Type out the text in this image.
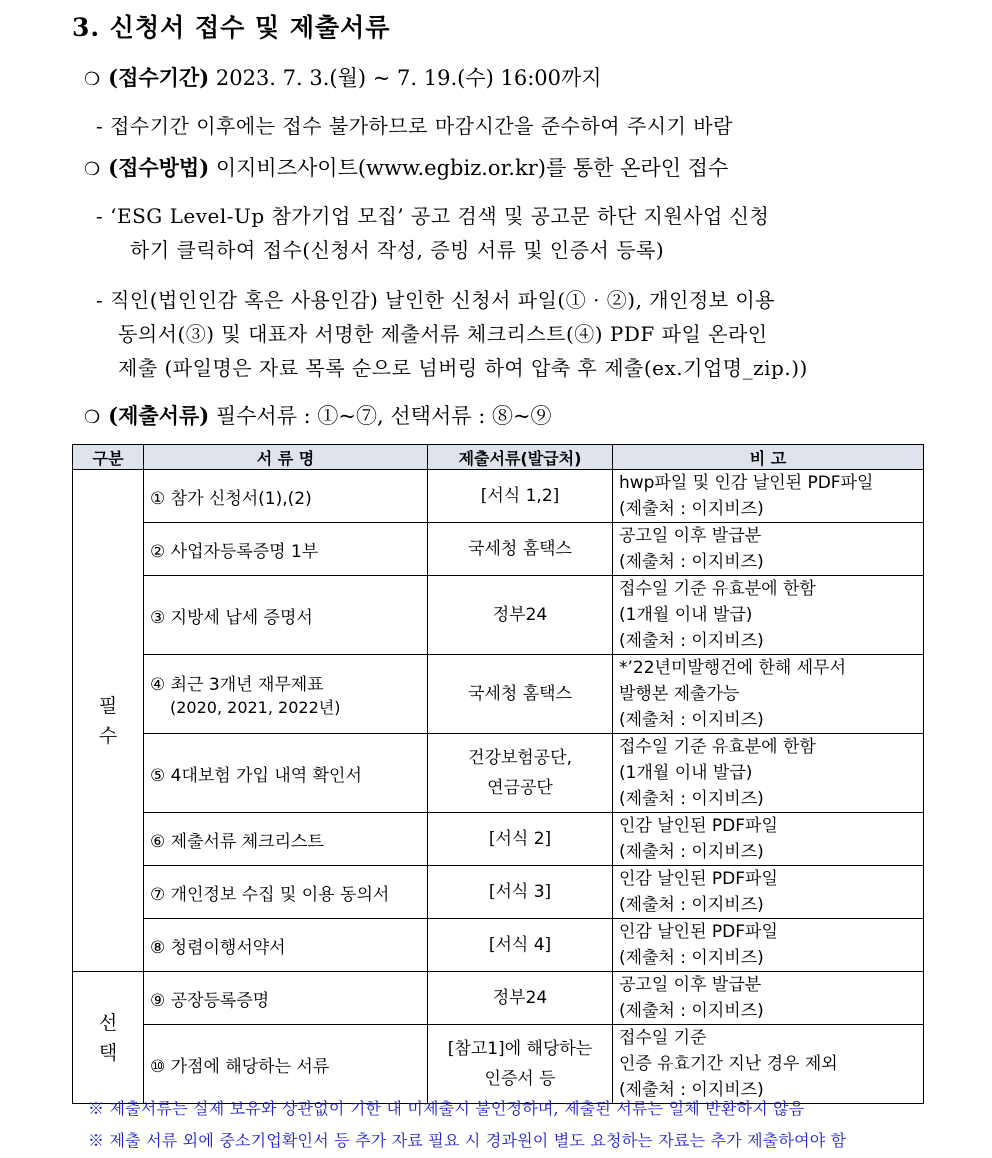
3. 신청서 접수 및 제출서류
❍ (접수기간) 2023. 7. 3.(월) ~ 7. 19.(수) 16:00까지
- 접수기간 이후에는 접수 불가하므로 마감시간을 준수하여 주시기 바람
❍ (접수방법) 이지비즈사이트(www.egbiz.or.kr)를 통한 온라인 접수
- ‘ESG Level-Up 참가기업 모집’ 공고 검색 및 공고문 하단 지원사업 신청
하기 클릭하여 접수(신청서 작성, 증빙 서류 및 인증서 등록)
- 직인(법인인감 혹은 사용인감) 날인한 신청서 파일(① · ②), 개인정보 이용
동의서(③) 및 대표자 서명한 제출서류 체크리스트(④) PDF 파일 온라인
제출 (파일명은 자료 목록 순으로 넘버링 하여 압축 후 제출(ex.기업명_zip.))
❍ (제출서류) 필수서류 : ①~⑦, 선택서류 : ⑧~⑨
구분	서 류 명	제출서류(발급처)	비 고
필
수	① 참가 신청서(1),(2)	[서식 1,2]	hwp파일 및 인감 날인된 PDF파일
(제출처 : 이지비즈)
	② 사업자등록증명 1부	국세청 홈택스	공고일 이후 발급분
(제출처 : 이지비즈)
	③ 지방세 납세 증명서	정부24	접수일 기준 유효분에 한함
(1개월 이내 발급)
(제출처 : 이지비즈)
	④ 최근 3개년 재무제표
(2020, 2021, 2022년)	국세청 홈택스	*’22년미발행건에 한해 세무서
발행본 제출가능
(제출처 : 이지비즈)
	⑤ 4대보험 가입 내역 확인서	건강보험공단,
연금공단	접수일 기준 유효분에 한함
(1개월 이내 발급)
(제출처 : 이지비즈)
	⑥ 제출서류 체크리스트	[서식 2]	인감 날인된 PDF파일
(제출처 : 이지비즈)
	⑦ 개인정보 수집 및 이용 동의서	[서식 3]	인감 날인된 PDF파일
(제출처 : 이지비즈)
	⑧ 청렴이행서약서	[서식 4]	인감 날인된 PDF파일
(제출처 : 이지비즈)
선
택	⑨ 공장등록증명	정부24	공고일 이후 발급분
(제출처 : 이지비즈)
	⑩ 가점에 해당하는 서류	[참고1]에 해당하는
인증서 등	접수일 기준
인증 유효기간 지난 경우 제외
(제출처 : 이지비즈)
※ 제출서류는 실제 보유와 상관없이 기한 내 미제출시 불인정하며, 제출된 서류는 일체 반환하지 않음
※ 제출 서류 외에 중소기업확인서 등 추가 자료 필요 시 경과원이 별도 요청하는 자료는 추가 제출하여야 함
